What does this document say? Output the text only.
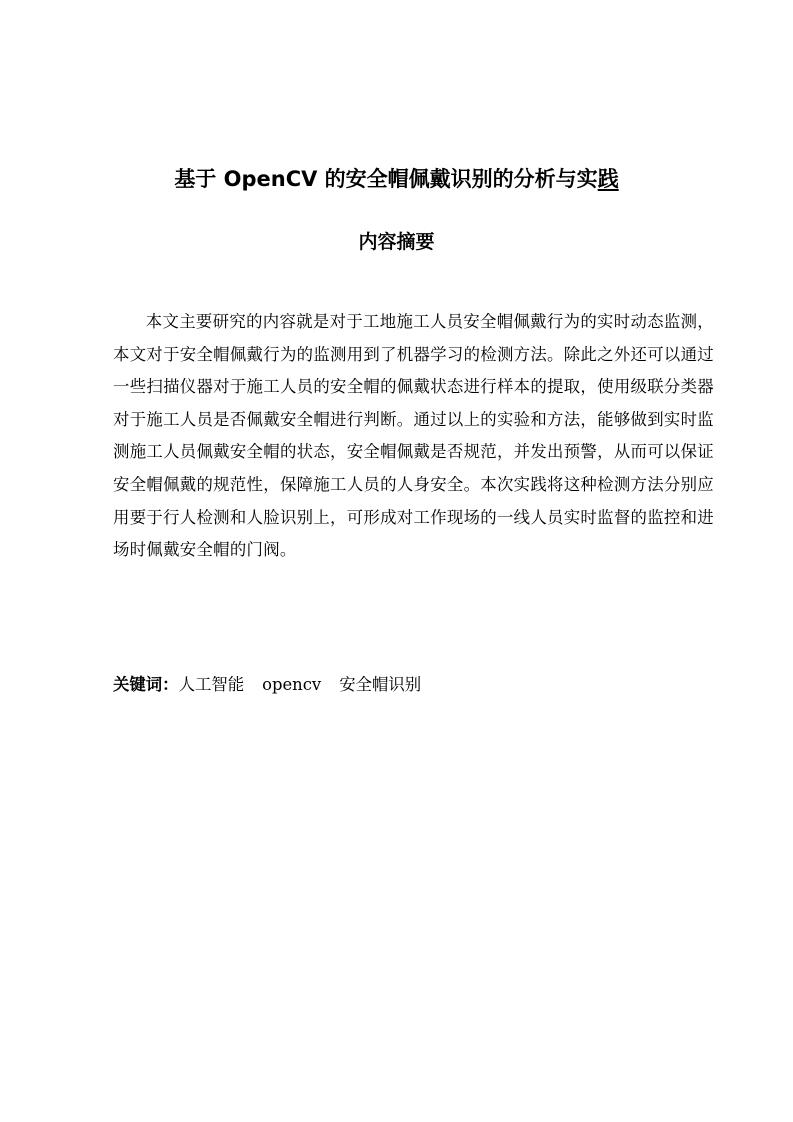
基于 OpenCV 的安全帽佩戴识别的分析与实践
内容摘要

本文主要研究的内容就是对于工地施工人员安全帽佩戴行为的实时动态监测，本文对于安全帽佩戴行为的监测用到了机器学习的检测方法。除此之外还可以通过一些扫描仪器对于施工人员的安全帽的佩戴状态进行样本的提取，使用级联分类器对于施工人员是否佩戴安全帽进行判断。通过以上的实验和方法，能够做到实时监测施工人员佩戴安全帽的状态，安全帽佩戴是否规范，并发出预警，从而可以保证安全帽佩戴的规范性，保障施工人员的人身安全。本次实践将这种检测方法分别应用要于行人检测和人脸识别上，可形成对工作现场的一线人员实时监督的监控和进场时佩戴安全帽的门阀。

关键词：人工智能 opencv 安全帽识别
